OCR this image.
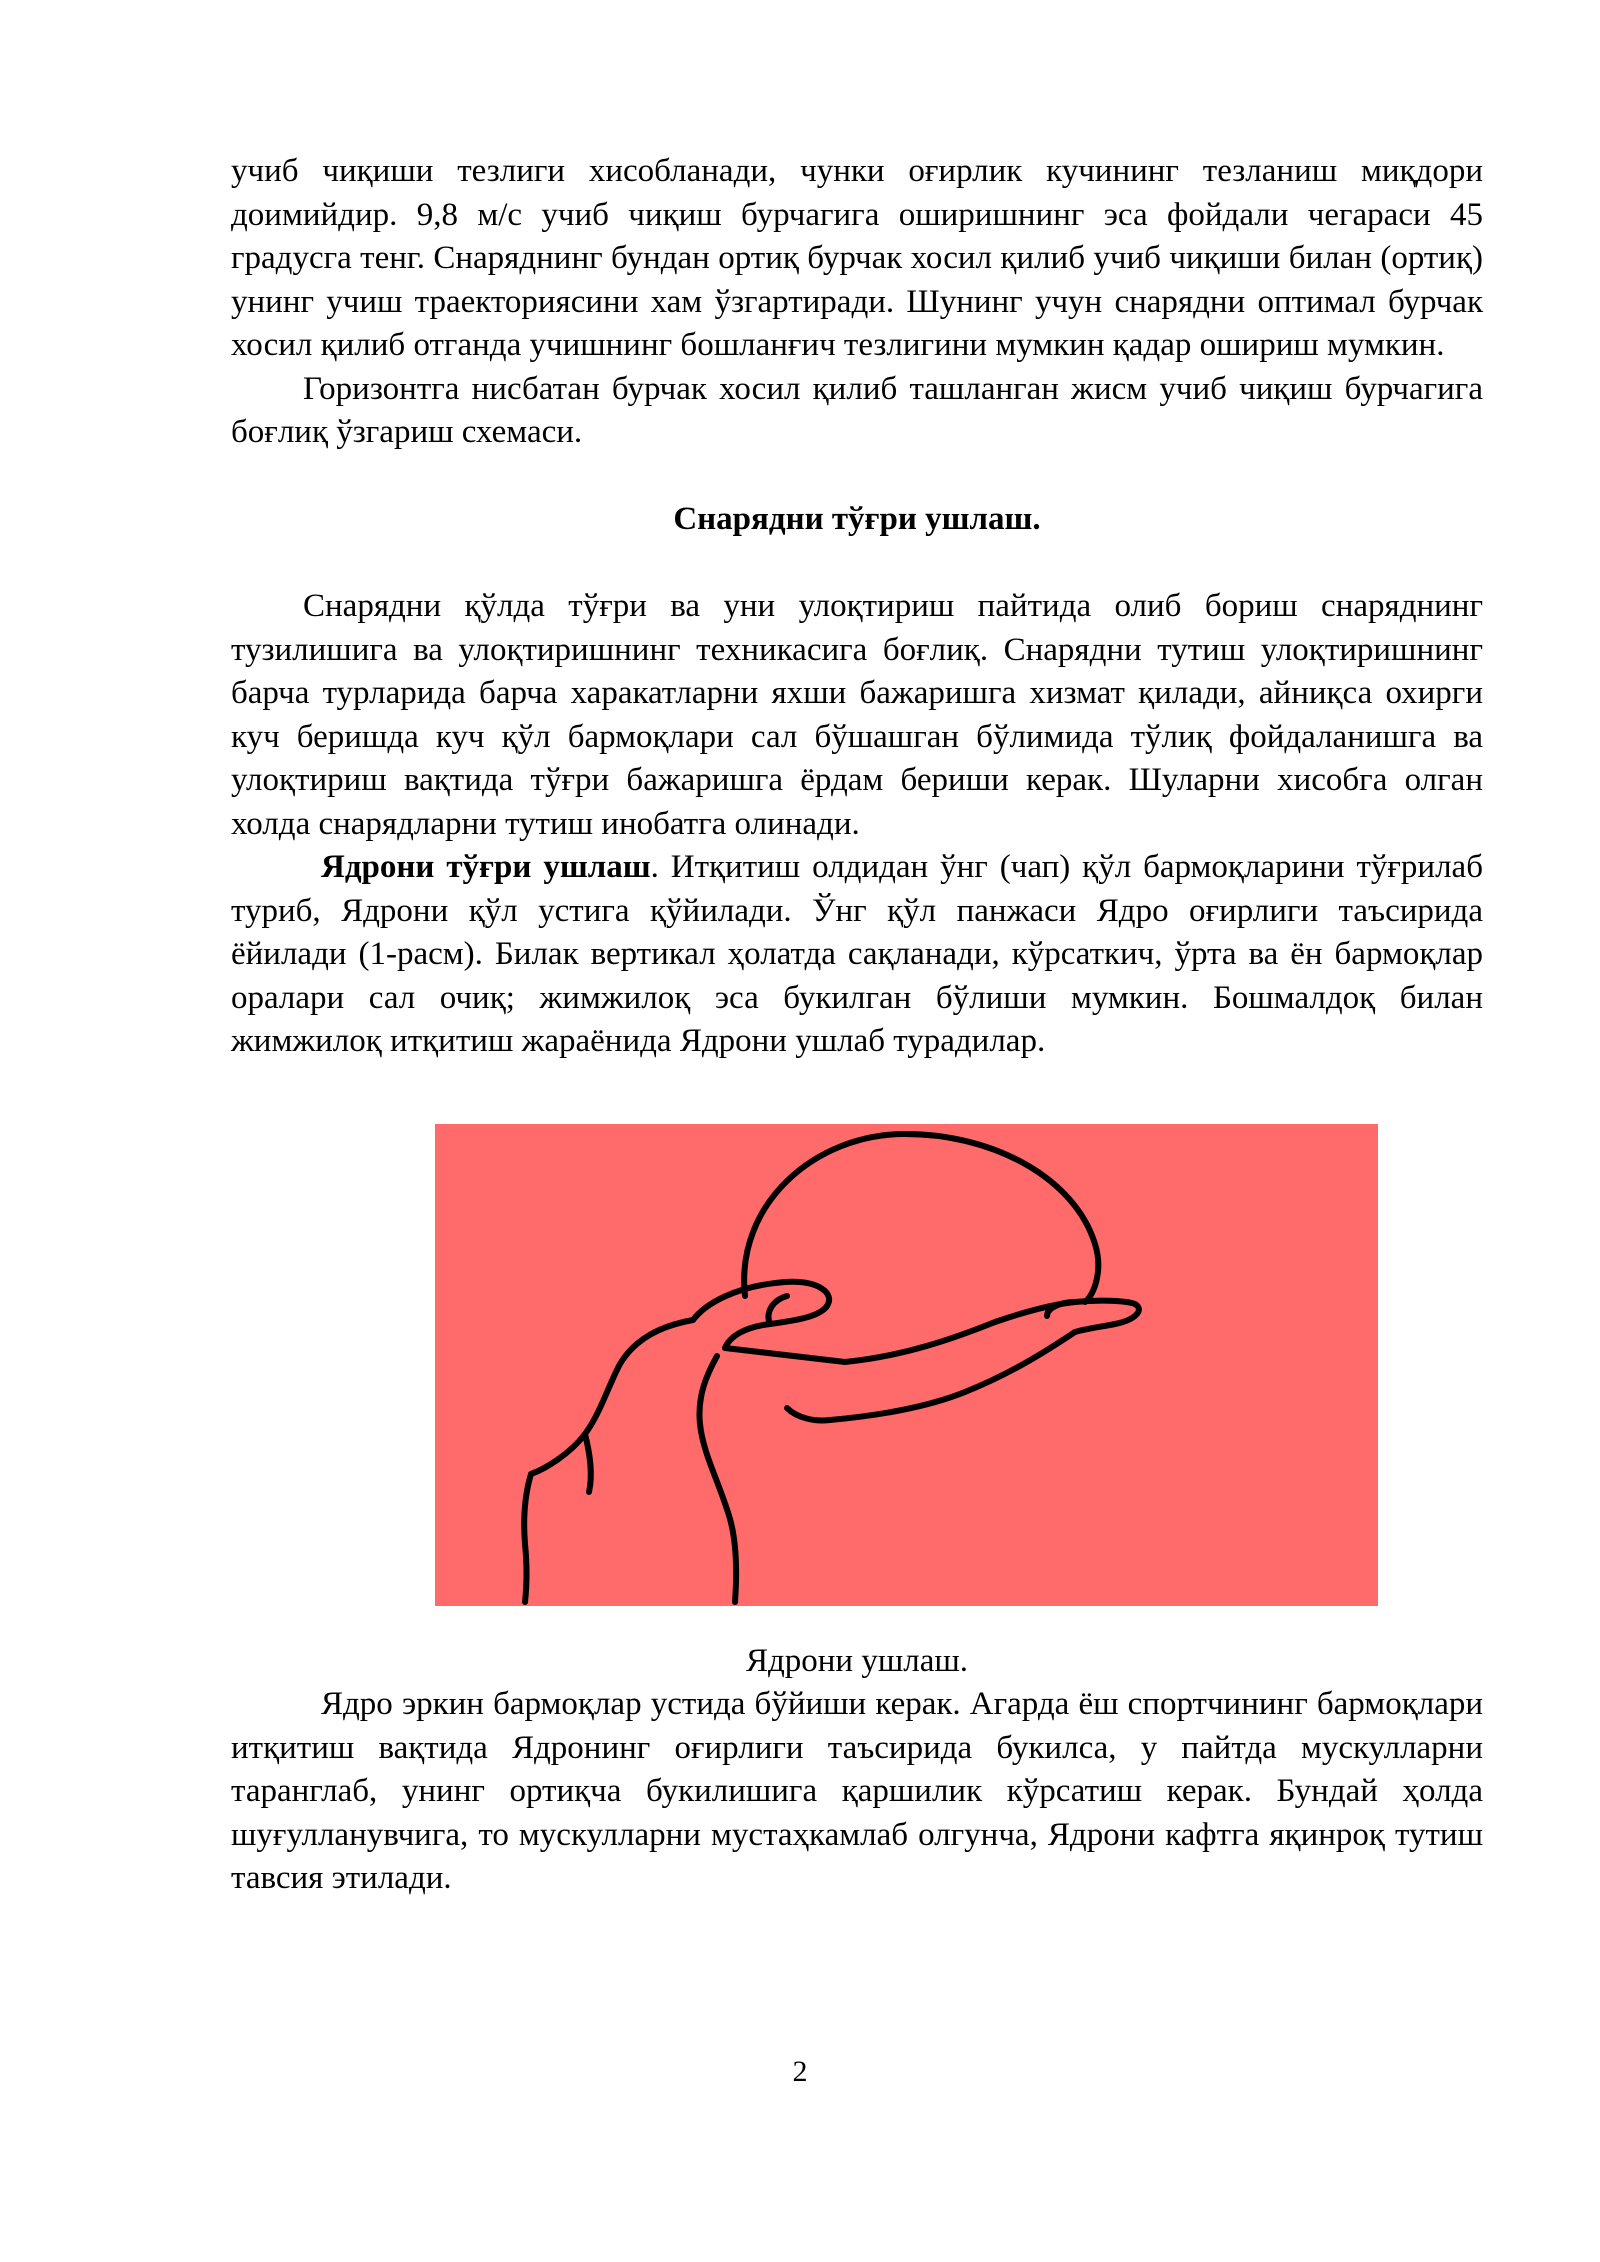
учиб чиқиши тезлиги хисобланади, чунки оғирлик кучининг тезланиш миқдори доимийдир. 9,8 м/с учиб чиқиш бурчагига оширишнинг эса фойдали чегараси 45 градусга тенг. Снаряднинг бундан ортиқ бурчак хосил қилиб учиб чиқиши билан (ортиқ) унинг учиш траекториясини хам ўзгартиради. Шунинг учун снарядни оптимал бурчак хосил қилиб отганда учишнинг бошланғич тезлигини мумкин қадар ошириш мумкин.

Горизонтга нисбатан бурчак хосил қилиб ташланган жисм учиб чиқиш бурчагига боғлиқ ўзгариш схемаси.

Снарядни тўғри ушлаш.

Снарядни қўлда тўғри ва уни улоқтириш пайтида олиб бориш снаряднинг тузилишига ва улоқтиришнинг техникасига боғлиқ. Снарядни тутиш улоқтиришнинг барча турларида барча харакатларни яхши бажаришга хизмат қилади, айниқса охирги куч беришда куч қўл бармоқлари сал бўшашган бўлимида тўлиқ фойдаланишга ва улоқтириш вақтида тўғри бажаришга ёрдам бериши керак. Шуларни хисобга олган холда снарядларни тутиш инобатга олинади.

Ядрони тўғри ушлаш. Итқитиш олдидан ўнг (чап) қўл бармоқларини тўғрилаб туриб, Ядрони қўл устига қўйилади. Ўнг қўл панжаси Ядро оғирлиги таъсирида ёйилади (1-расм). Билак вертикал ҳолатда сақланади, кўрсаткич, ўрта ва ён бармоқлар оралари сал очиқ; жимжилоқ эса букилган бўлиши мумкин. Бошмалдоқ билан жимжилоқ итқитиш жараёнида Ядрони ушлаб турадилар.

Ядрони ушлаш.

Ядро эркин бармоқлар устида бўйиши керак. Агарда ёш спортчининг бармоқлари итқитиш вақтида Ядронинг оғирлиги таъсирида букилса, у пайтда мускулларни таранглаб, унинг ортиқча букилишига қаршилик кўрсатиш керак. Бундай ҳолда шуғулланувчига, то мускулларни мустаҳкамлаб олгунча, Ядрони кафтга яқинроқ тутиш тавсия этилади.

2
